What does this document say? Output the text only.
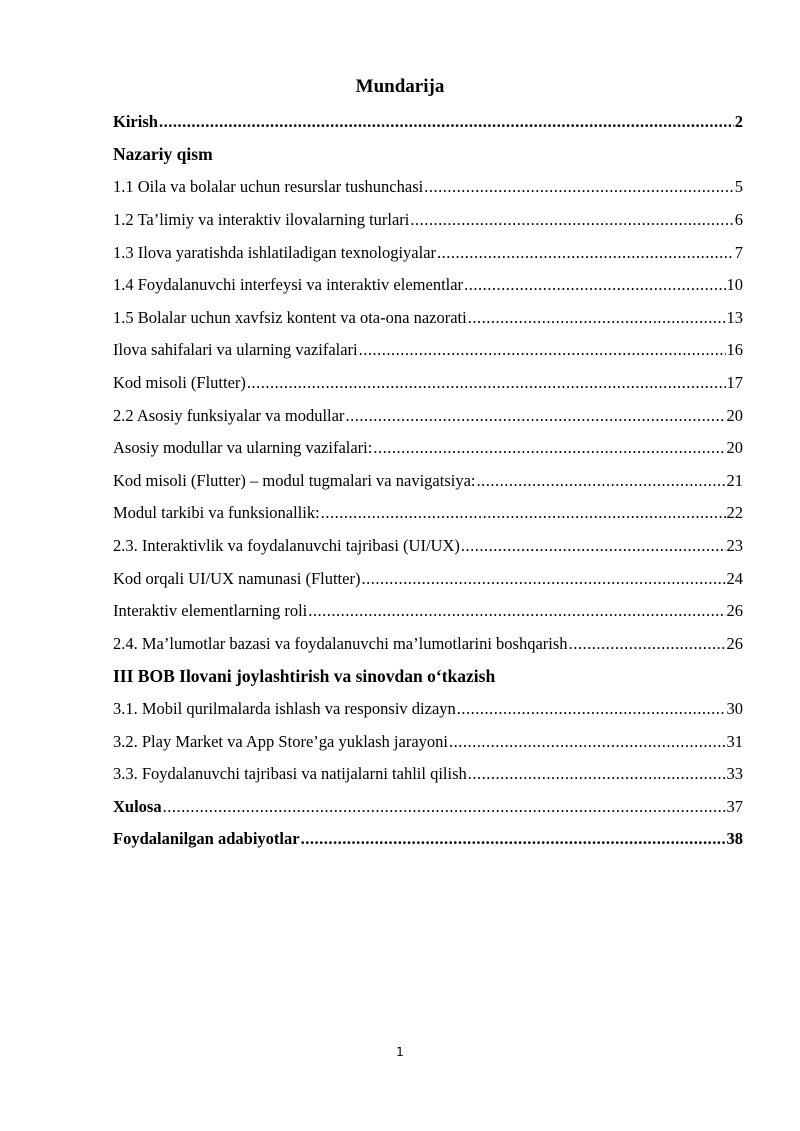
Mundarija
Kirish .....	2
Nazariy qism
1.1 Oila va bolalar uchun resurslar tushunchasi .....	5
1.2 Ta’limiy va interaktiv ilovalarning turlari .....	6
1.3 Ilova yaratishda ishlatiladigan texnologiyalar .....	7
1.4 Foydalanuvchi interfeysi va interaktiv elementlar .....	10
1.5 Bolalar uchun xavfsiz kontent va ota-ona nazorati .....	13
Ilova sahifalari va ularning vazifalari .....	16
Kod misoli (Flutter) .....	17
2.2 Asosiy funksiyalar va modullar .....	20
Asosiy modullar va ularning vazifalari: .....	20
Kod misoli (Flutter) – modul tugmalari va navigatsiya: .....	21
Modul tarkibi va funksionallik: .....	22
2.3. Interaktivlik va foydalanuvchi tajribasi (UI/UX) .....	23
Kod orqali UI/UX namunasi (Flutter) .....	24
Interaktiv elementlarning roli .....	26
2.4. Ma’lumotlar bazasi va foydalanuvchi ma’lumotlarini boshqarish .....	26
III BOB Ilovani joylashtirish va sinovdan o‘tkazish
3.1. Mobil qurilmalarda ishlash va responsiv dizayn .....	30
3.2. Play Market va App Store’ga yuklash jarayoni .....	31
3.3. Foydalanuvchi tajribasi va natijalarni tahlil qilish .....	33
Xulosa .....	37
Foydalanilgan adabiyotlar .....	38
1
